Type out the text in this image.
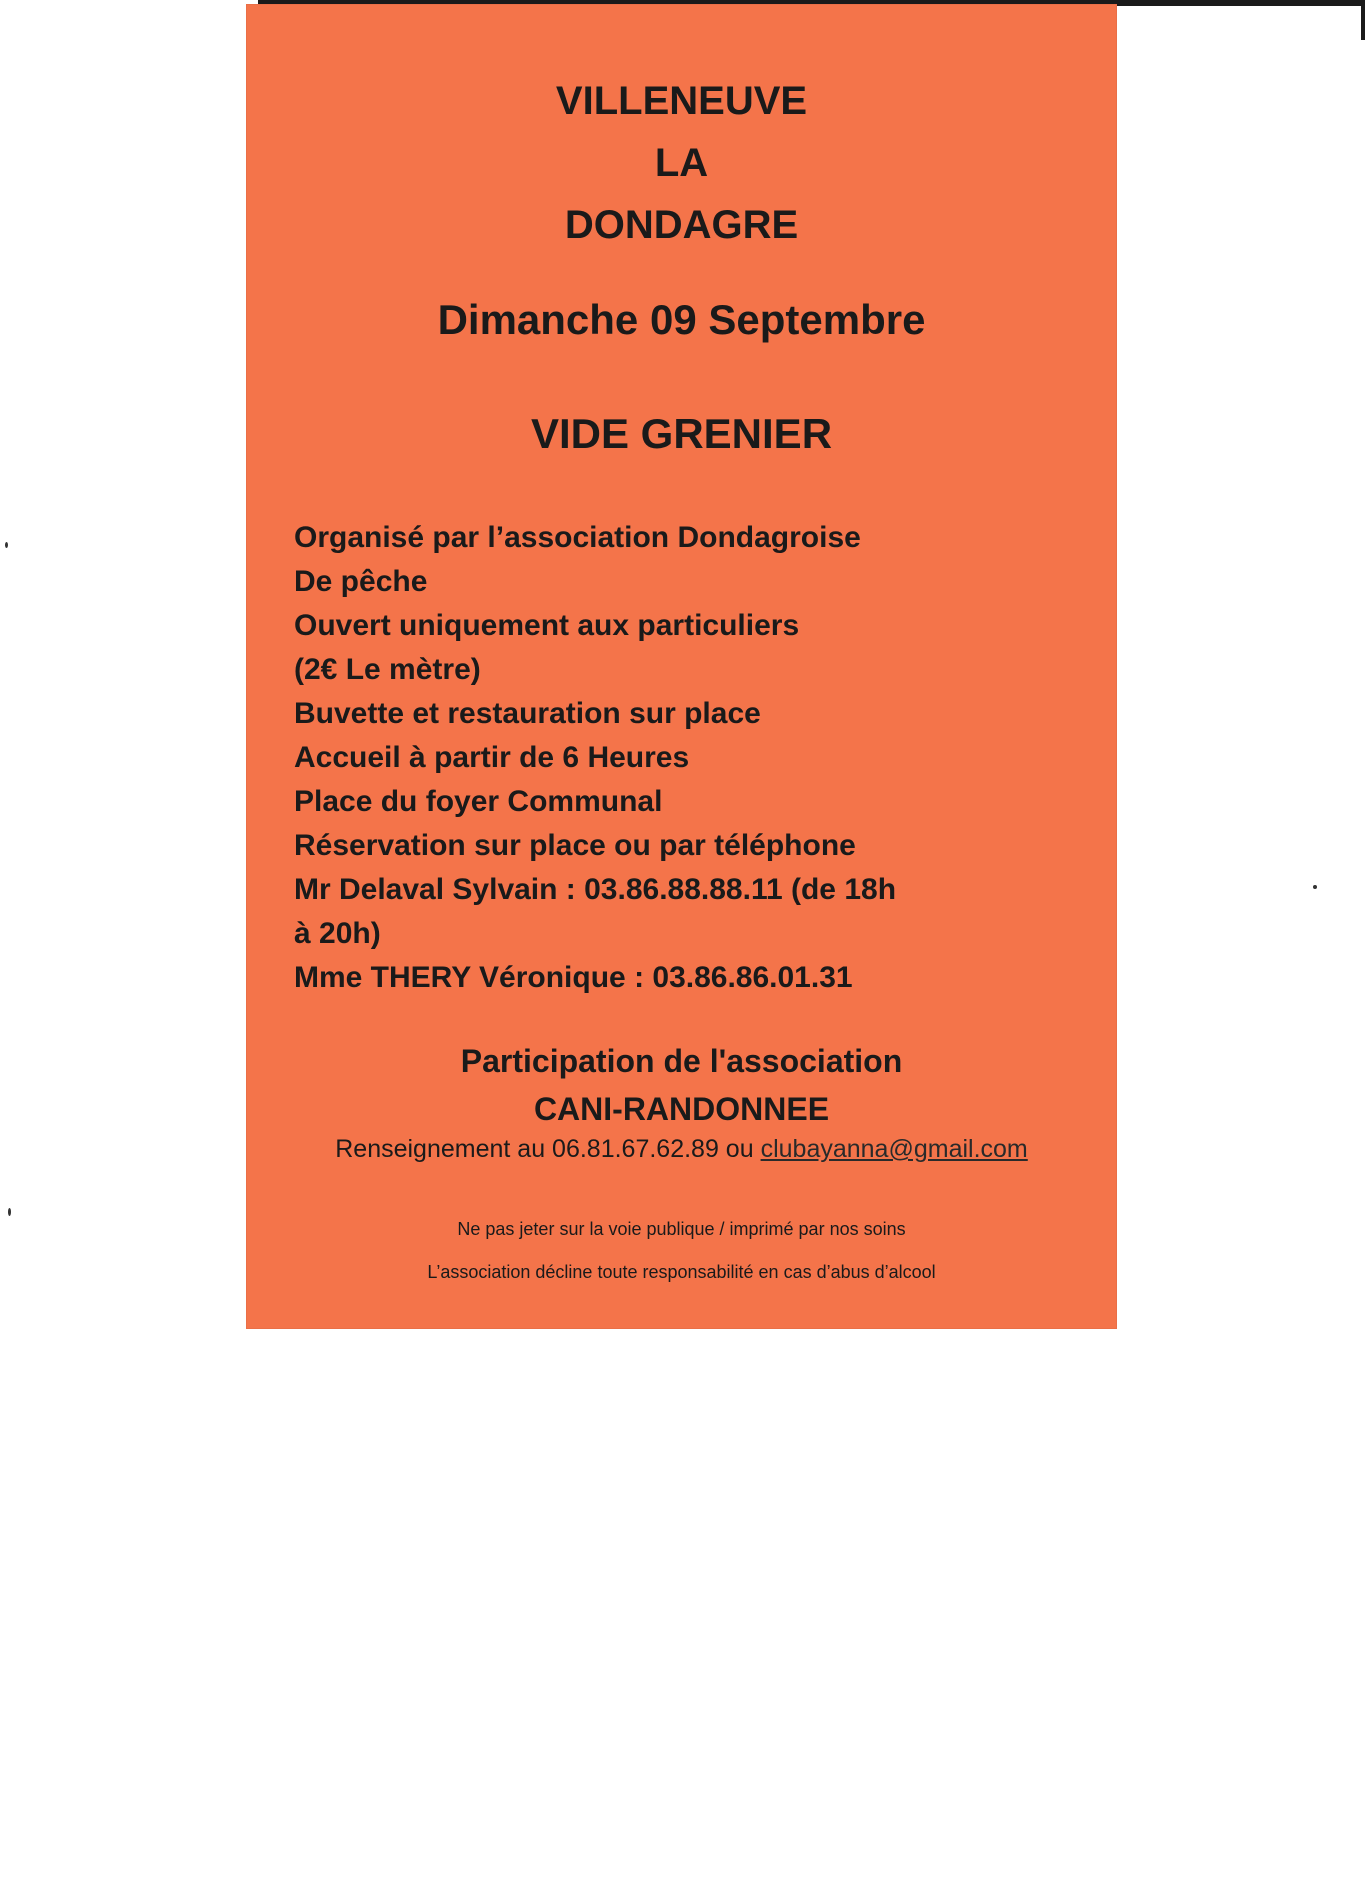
VILLENEUVE
LA
DONDAGRE
Dimanche 09 Septembre
VIDE GRENIER
Organisé par l’association Dondagroise
De pêche
Ouvert uniquement aux particuliers
(2€ Le mètre)
Buvette et restauration sur place
Accueil à partir de 6 Heures
Place du foyer Communal
Réservation sur place ou par téléphone
Mr Delaval Sylvain : 03.86.88.88.11 (de 18h
à 20h)
Mme THERY Véronique : 03.86.86.01.31
Participation de l'association
CANI-RANDONNEE
Renseignement au 06.81.67.62.89 ou clubayanna@gmail.com
Ne pas jeter sur la voie publique / imprimé par nos soins
L’association décline toute responsabilité en cas d’abus d’alcool
